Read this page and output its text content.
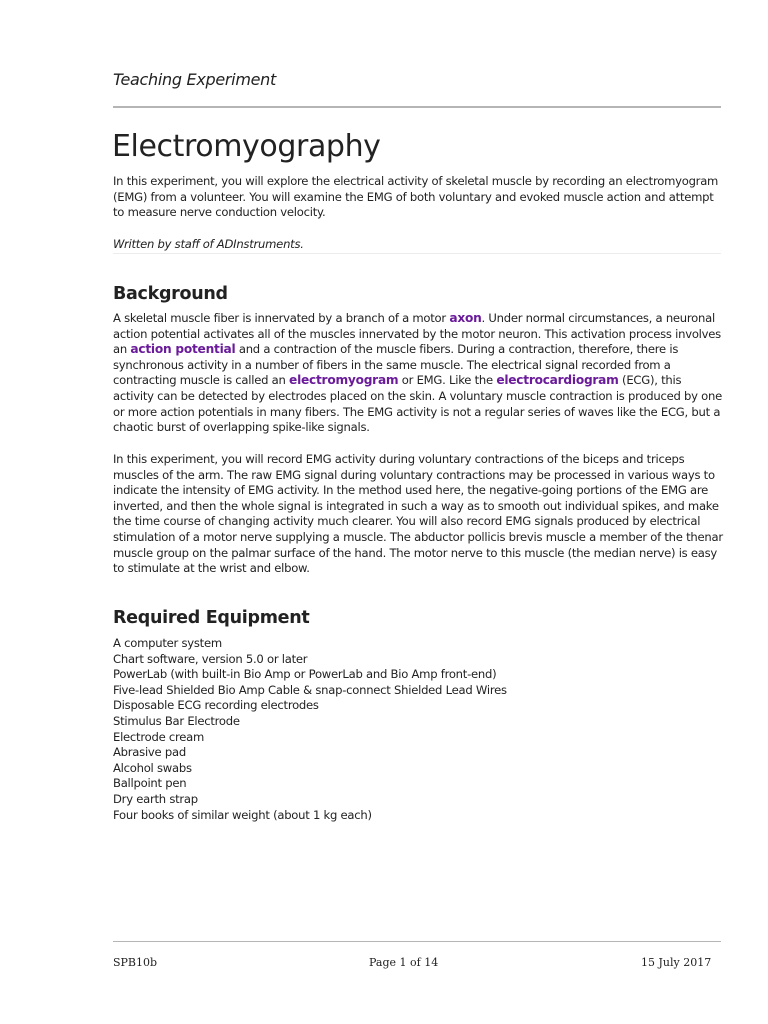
Teaching Experiment
Electromyography
In this experiment, you will explore the electrical activity of skeletal muscle by recording an electromyogram (EMG) from a volunteer. You will examine the EMG of both voluntary and evoked muscle action and attempt to measure nerve conduction velocity.
Written by staff of ADInstruments.
Background
A skeletal muscle fiber is innervated by a branch of a motor axon. Under normal circumstances, a neuronal action potential activates all of the muscles innervated by the motor neuron. This activation process involves an action potential and a contraction of the muscle fibers. During a contraction, therefore, there is synchronous activity in a number of fibers in the same muscle. The electrical signal recorded from a contracting muscle is called an electromyogram or EMG. Like the electrocardiogram (ECG), this activity can be detected by electrodes placed on the skin. A voluntary muscle contraction is produced by one or more action potentials in many fibers. The EMG activity is not a regular series of waves like the ECG, but a chaotic burst of overlapping spike-like signals.
In this experiment, you will record EMG activity during voluntary contractions of the biceps and triceps muscles of the arm. The raw EMG signal during voluntary contractions may be processed in various ways to indicate the intensity of EMG activity. In the method used here, the negative-going portions of the EMG are inverted, and then the whole signal is integrated in such a way as to smooth out individual spikes, and make the time course of changing activity much clearer. You will also record EMG signals produced by electrical stimulation of a motor nerve supplying a muscle. The abductor pollicis brevis muscle a member of the thenar muscle group on the palmar surface of the hand. The motor nerve to this muscle (the median nerve) is easy to stimulate at the wrist and elbow.
Required Equipment
A computer system
Chart software, version 5.0 or later
PowerLab (with built-in Bio Amp or PowerLab and Bio Amp front-end)
Five-lead Shielded Bio Amp Cable & snap-connect Shielded Lead Wires
Disposable ECG recording electrodes
Stimulus Bar Electrode
Electrode cream
Abrasive pad
Alcohol swabs
Ballpoint pen
Dry earth strap
Four books of similar weight (about 1 kg each)
SPB10b	Page 1 of 14	15 July 2017
